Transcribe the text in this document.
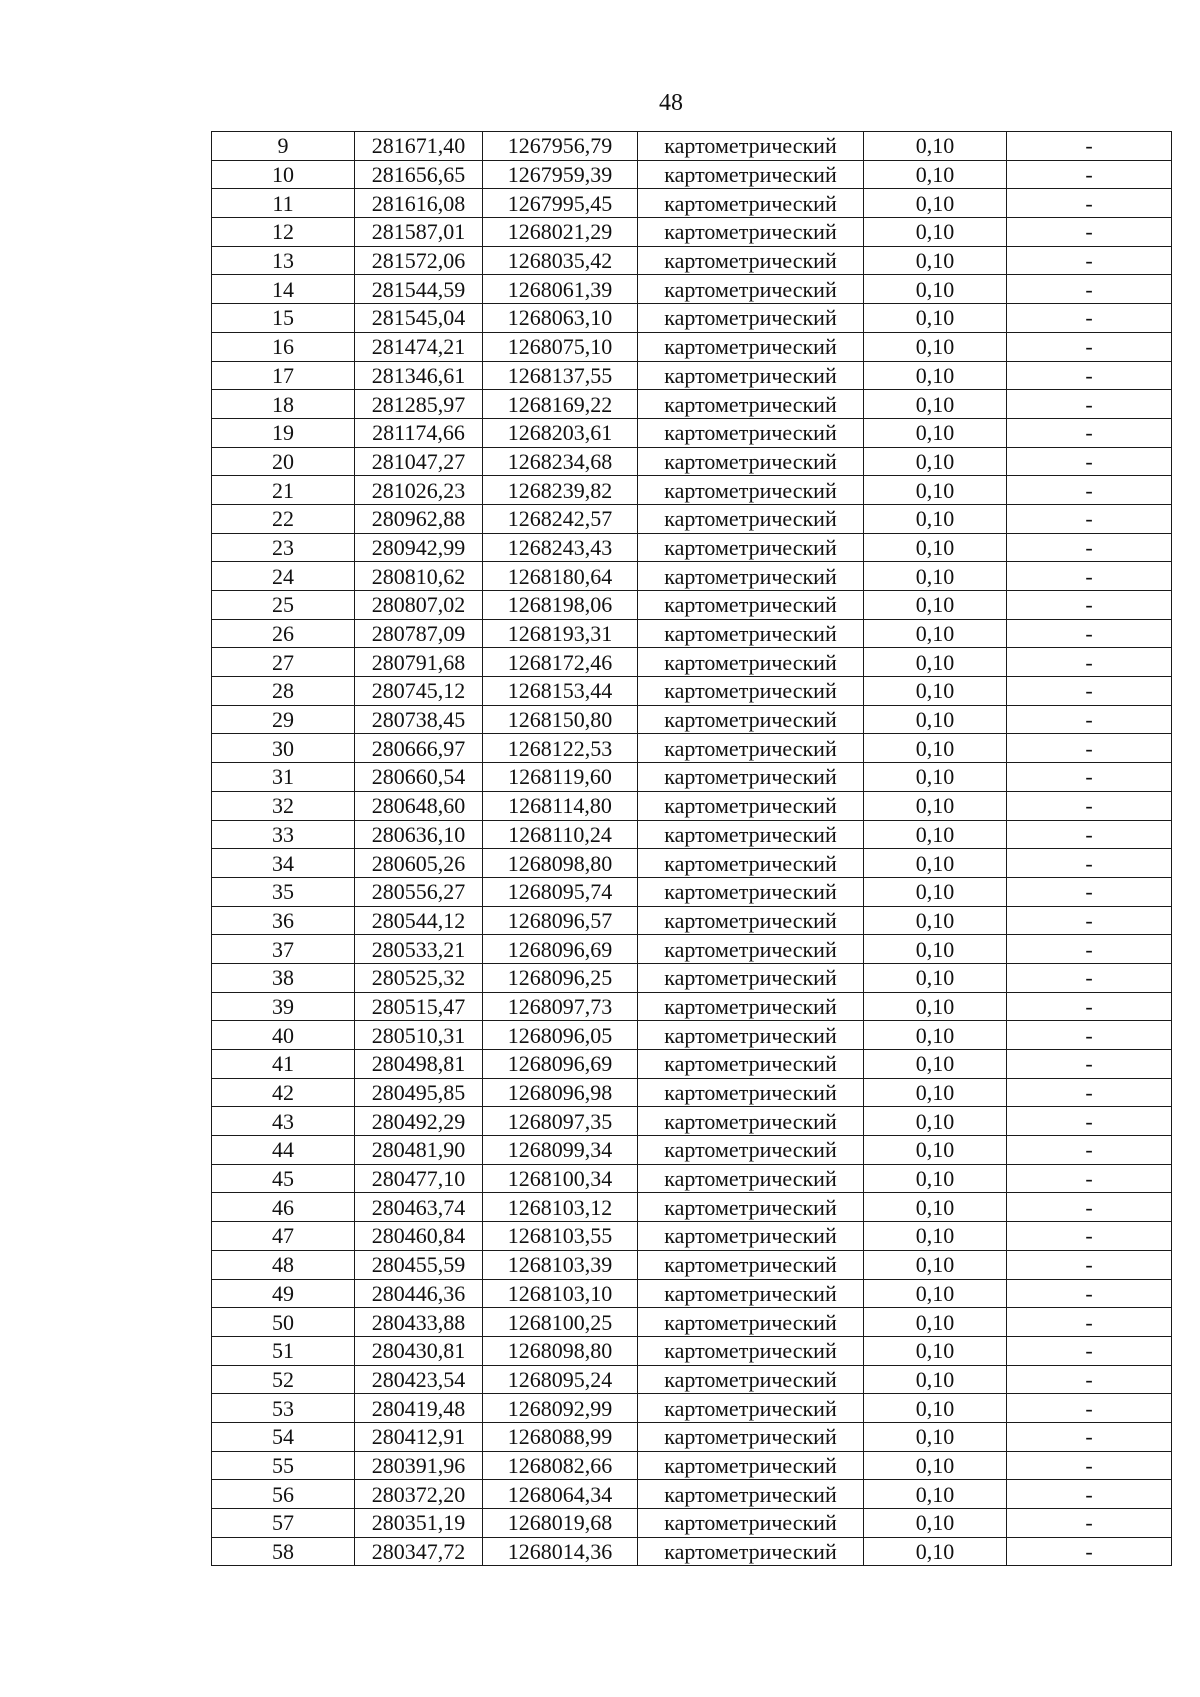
48
9	281671,40	1267956,79	картометрический	0,10	-
10	281656,65	1267959,39	картометрический	0,10	-
11	281616,08	1267995,45	картометрический	0,10	-
12	281587,01	1268021,29	картометрический	0,10	-
13	281572,06	1268035,42	картометрический	0,10	-
14	281544,59	1268061,39	картометрический	0,10	-
15	281545,04	1268063,10	картометрический	0,10	-
16	281474,21	1268075,10	картометрический	0,10	-
17	281346,61	1268137,55	картометрический	0,10	-
18	281285,97	1268169,22	картометрический	0,10	-
19	281174,66	1268203,61	картометрический	0,10	-
20	281047,27	1268234,68	картометрический	0,10	-
21	281026,23	1268239,82	картометрический	0,10	-
22	280962,88	1268242,57	картометрический	0,10	-
23	280942,99	1268243,43	картометрический	0,10	-
24	280810,62	1268180,64	картометрический	0,10	-
25	280807,02	1268198,06	картометрический	0,10	-
26	280787,09	1268193,31	картометрический	0,10	-
27	280791,68	1268172,46	картометрический	0,10	-
28	280745,12	1268153,44	картометрический	0,10	-
29	280738,45	1268150,80	картометрический	0,10	-
30	280666,97	1268122,53	картометрический	0,10	-
31	280660,54	1268119,60	картометрический	0,10	-
32	280648,60	1268114,80	картометрический	0,10	-
33	280636,10	1268110,24	картометрический	0,10	-
34	280605,26	1268098,80	картометрический	0,10	-
35	280556,27	1268095,74	картометрический	0,10	-
36	280544,12	1268096,57	картометрический	0,10	-
37	280533,21	1268096,69	картометрический	0,10	-
38	280525,32	1268096,25	картометрический	0,10	-
39	280515,47	1268097,73	картометрический	0,10	-
40	280510,31	1268096,05	картометрический	0,10	-
41	280498,81	1268096,69	картометрический	0,10	-
42	280495,85	1268096,98	картометрический	0,10	-
43	280492,29	1268097,35	картометрический	0,10	-
44	280481,90	1268099,34	картометрический	0,10	-
45	280477,10	1268100,34	картометрический	0,10	-
46	280463,74	1268103,12	картометрический	0,10	-
47	280460,84	1268103,55	картометрический	0,10	-
48	280455,59	1268103,39	картометрический	0,10	-
49	280446,36	1268103,10	картометрический	0,10	-
50	280433,88	1268100,25	картометрический	0,10	-
51	280430,81	1268098,80	картометрический	0,10	-
52	280423,54	1268095,24	картометрический	0,10	-
53	280419,48	1268092,99	картометрический	0,10	-
54	280412,91	1268088,99	картометрический	0,10	-
55	280391,96	1268082,66	картометрический	0,10	-
56	280372,20	1268064,34	картометрический	0,10	-
57	280351,19	1268019,68	картометрический	0,10	-
58	280347,72	1268014,36	картометрический	0,10	-
